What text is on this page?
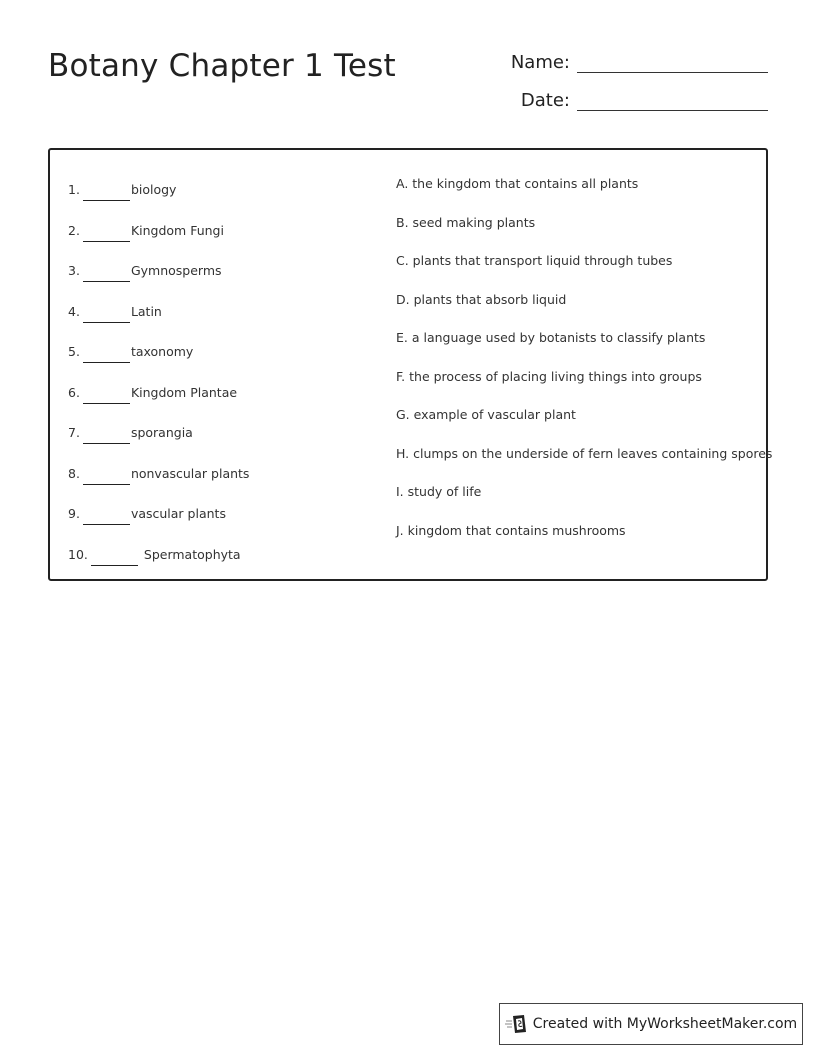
Botany Chapter 1 Test	Name:
Date:
1.	biology
2.	Kingdom Fungi
3.	Gymnosperms
4.	Latin
5.	taxonomy
6.	Kingdom Plantae
7.	sporangia
8.	nonvascular plants
9.	vascular plants
10.	Spermatophyta
A. the kingdom that contains all plants
B. seed making plants
C. plants that transport liquid through tubes
D. plants that absorb liquid
E. a language used by botanists to classify plants
F. the process of placing living things into groups
G. example of vascular plant
H. clumps on the underside of fern leaves containing spores
I. study of life
J. kingdom that contains mushrooms
Created with MyWorksheetMaker.com
